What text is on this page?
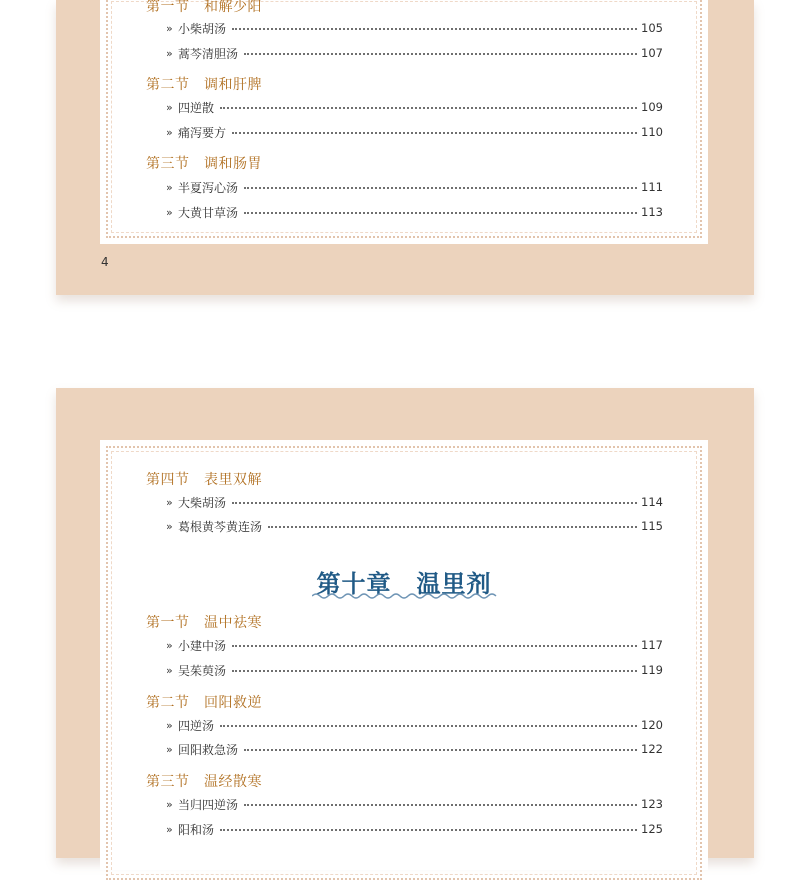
第一节　和解少阳
» 小柴胡汤	105
» 蒿芩清胆汤	107
第二节　调和肝脾
» 四逆散	109
» 痛泻要方	110
第三节　调和肠胃
» 半夏泻心汤	111
» 大黄甘草汤	113
4
第四节　表里双解
» 大柴胡汤	114
» 葛根黄芩黄连汤	115
第十章　温里剂
第一节　温中祛寒
» 小建中汤	117
» 吴茱萸汤	119
第二节　回阳救逆
» 四逆汤	120
» 回阳救急汤	122
第三节　温经散寒
» 当归四逆汤	123
» 阳和汤	125
